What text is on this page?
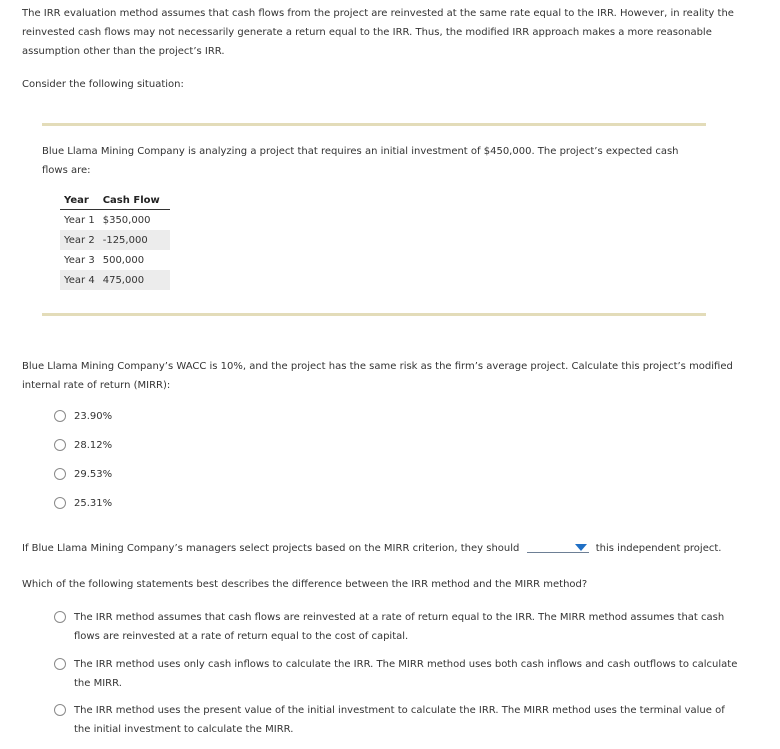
The IRR evaluation method assumes that cash flows from the project are reinvested at the same rate equal to the IRR. However, in reality the reinvested cash flows may not necessarily generate a return equal to the IRR. Thus, the modified IRR approach makes a more reasonable assumption other than the project’s IRR.
Consider the following situation:
Blue Llama Mining Company is analyzing a project that requires an initial investment of $450,000. The project’s expected cash flows are:
Year	Cash Flow
Year 1	$350,000
Year 2	-125,000
Year 3	500,000
Year 4	475,000
Blue Llama Mining Company’s WACC is 10%, and the project has the same risk as the firm’s average project. Calculate this project’s modified internal rate of return (MIRR):
23.90%
28.12%
29.53%
25.31%
If Blue Llama Mining Company’s managers select projects based on the MIRR criterion, they should	this independent project.
Which of the following statements best describes the difference between the IRR method and the MIRR method?
The IRR method assumes that cash flows are reinvested at a rate of return equal to the IRR. The MIRR method assumes that cash flows are reinvested at a rate of return equal to the cost of capital.
The IRR method uses only cash inflows to calculate the IRR. The MIRR method uses both cash inflows and cash outflows to calculate the MIRR.
The IRR method uses the present value of the initial investment to calculate the IRR. The MIRR method uses the terminal value of the initial investment to calculate the MIRR.
